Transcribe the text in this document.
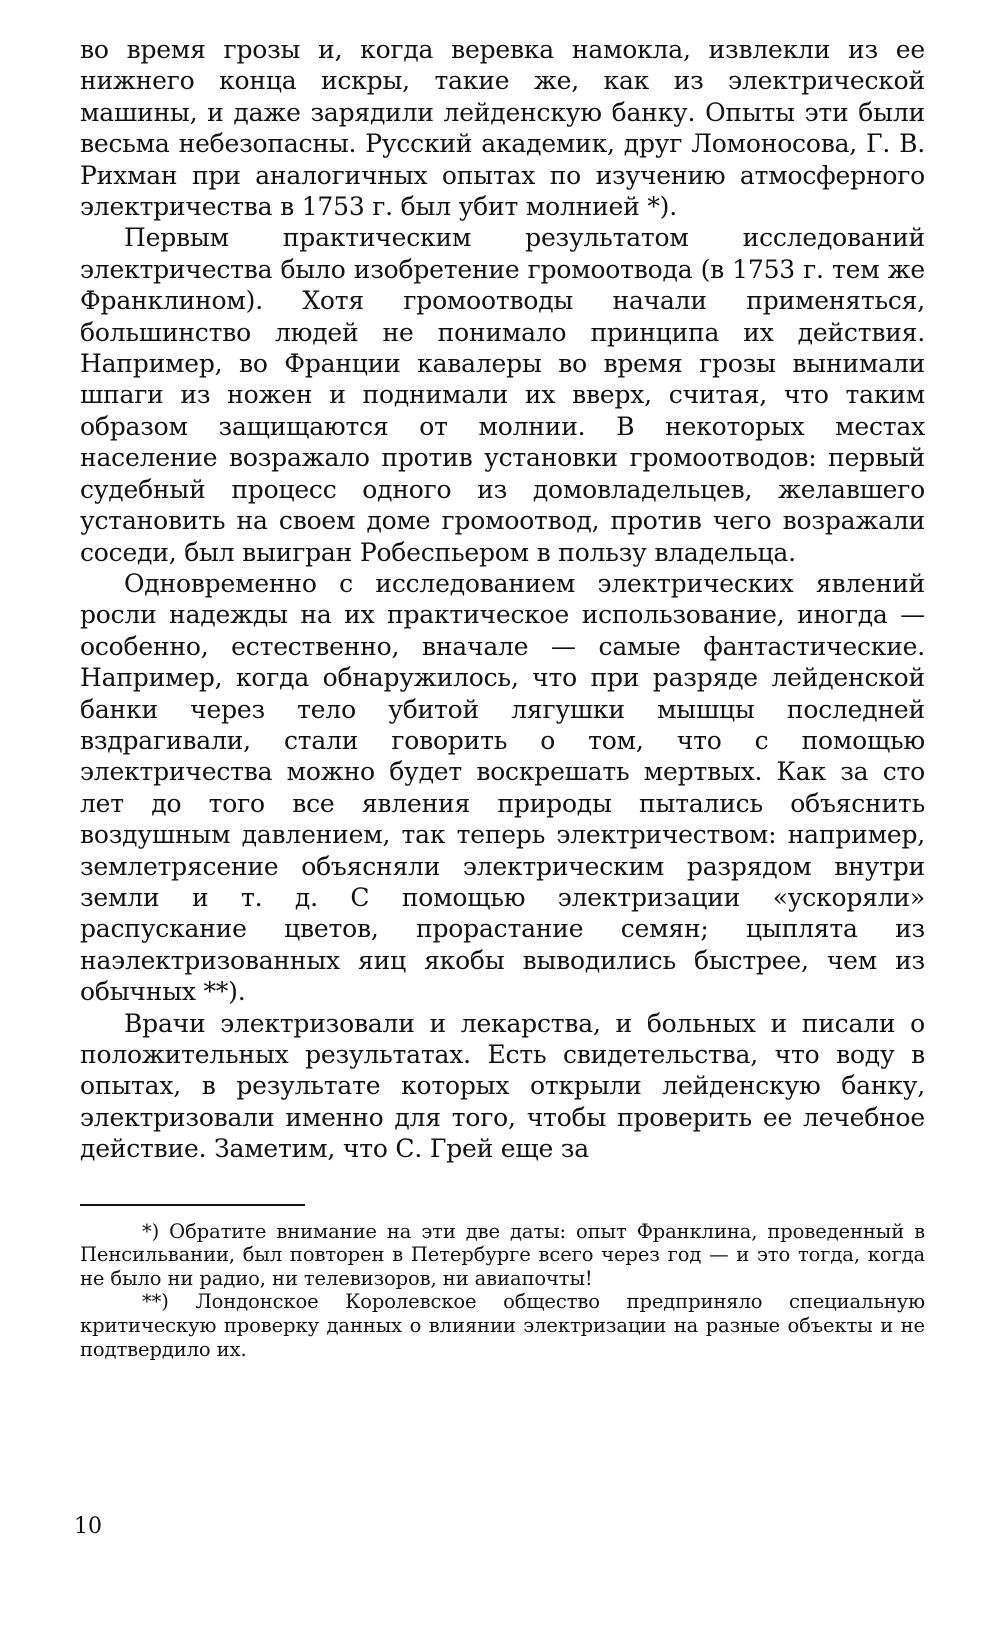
во время грозы и, когда веревка намокла, извлекли из ее нижнего конца искры, такие же, как из электрической машины, и даже зарядили лейденскую банку. Опыты эти были весьма небезопасны. Русский академик, друг Ломоносова, Г. В. Рихман при аналогичных опытах по изучению атмосферного электричества в 1753 г. был убит молнией *).

Первым практическим результатом исследований электричества было изобретение громоотвода (в 1753 г. тем же Франклином). Хотя громоотводы начали применяться, большинство людей не понимало принципа их действия. Например, во Франции кавалеры во время грозы вынимали шпаги из ножен и поднимали их вверх, считая, что таким образом защищаются от молнии. В некоторых местах население возражало против установки громоотводов: первый судебный процесс одного из домовладельцев, желавшего установить на своем доме громоотвод, против чего возражали соседи, был выигран Робеспьером в пользу владельца.

Одновременно с исследованием электрических явлений росли надежды на их практическое использование, иногда — особенно, естественно, вначале — самые фантастические. Например, когда обнаружилось, что при разряде лейденской банки через тело убитой лягушки мышцы последней вздрагивали, стали говорить о том, что с помощью электричества можно будет воскрешать мертвых. Как за сто лет до того все явления природы пытались объяснить воздушным давлением, так теперь электричеством: например, землетрясение объясняли электрическим разрядом внутри земли и т. д. С помощью электризации «ускоряли» распускание цветов, прорастание семян; цыплята из наэлектризованных яиц якобы выводились быстрее, чем из обычных **).

Врачи электризовали и лекарства, и больных и писали о положительных результатах. Есть свидетельства, что воду в опытах, в результате которых открыли лейденскую банку, электризовали именно для того, чтобы проверить ее лечебное действие. Заметим, что С. Грей еще за

*) Обратите внимание на эти две даты: опыт Франклина, проведенный в Пенсильвании, был повторен в Петербурге всего через год — и это тогда, когда не было ни радио, ни телевизоров, ни авиапочты!

**) Лондонское Королевское общество предприняло специальную критическую проверку данных о влиянии электризации на разные объекты и не подтвердило их.

10
